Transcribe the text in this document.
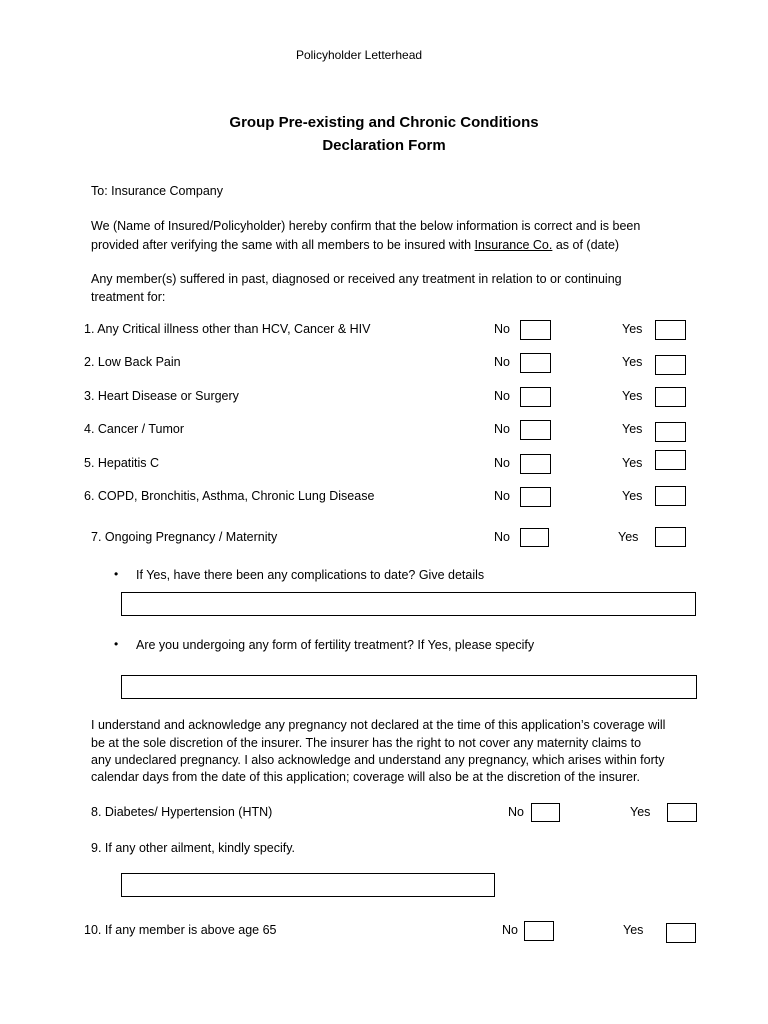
Policyholder Letterhead

Group Pre-existing and Chronic Conditions

Declaration Form

To: Insurance Company

We (Name of Insured/Policyholder) hereby confirm that the below information is correct and is been

provided after verifying the same with all members to be insured with Insurance Co. as of (date)

Any member(s) suffered in past, diagnosed or received any treatment in relation to or continuing

treatment for:

1. Any Critical illness other than HCV, Cancer & HIV	No	Yes

2. Low Back Pain	No	Yes

3. Heart Disease or Surgery	No	Yes

4. Cancer / Tumor	No	Yes

5. Hepatitis C	No	Yes

6. COPD, Bronchitis, Asthma, Chronic Lung Disease	No	Yes

7. Ongoing Pregnancy / Maternity	No	Yes

• If Yes, have there been any complications to date? Give details

• Are you undergoing any form of fertility treatment? If Yes, please specify

I understand and acknowledge any pregnancy not declared at the time of this application’s coverage will

be at the sole discretion of the insurer. The insurer has the right to not cover any maternity claims to

any undeclared pregnancy. I also acknowledge and understand any pregnancy, which arises within forty

calendar days from the date of this application; coverage will also be at the discretion of the insurer.

8. Diabetes/ Hypertension (HTN)	No	Yes

9. If any other ailment, kindly specify.

10. If any member is above age 65	No	Yes
